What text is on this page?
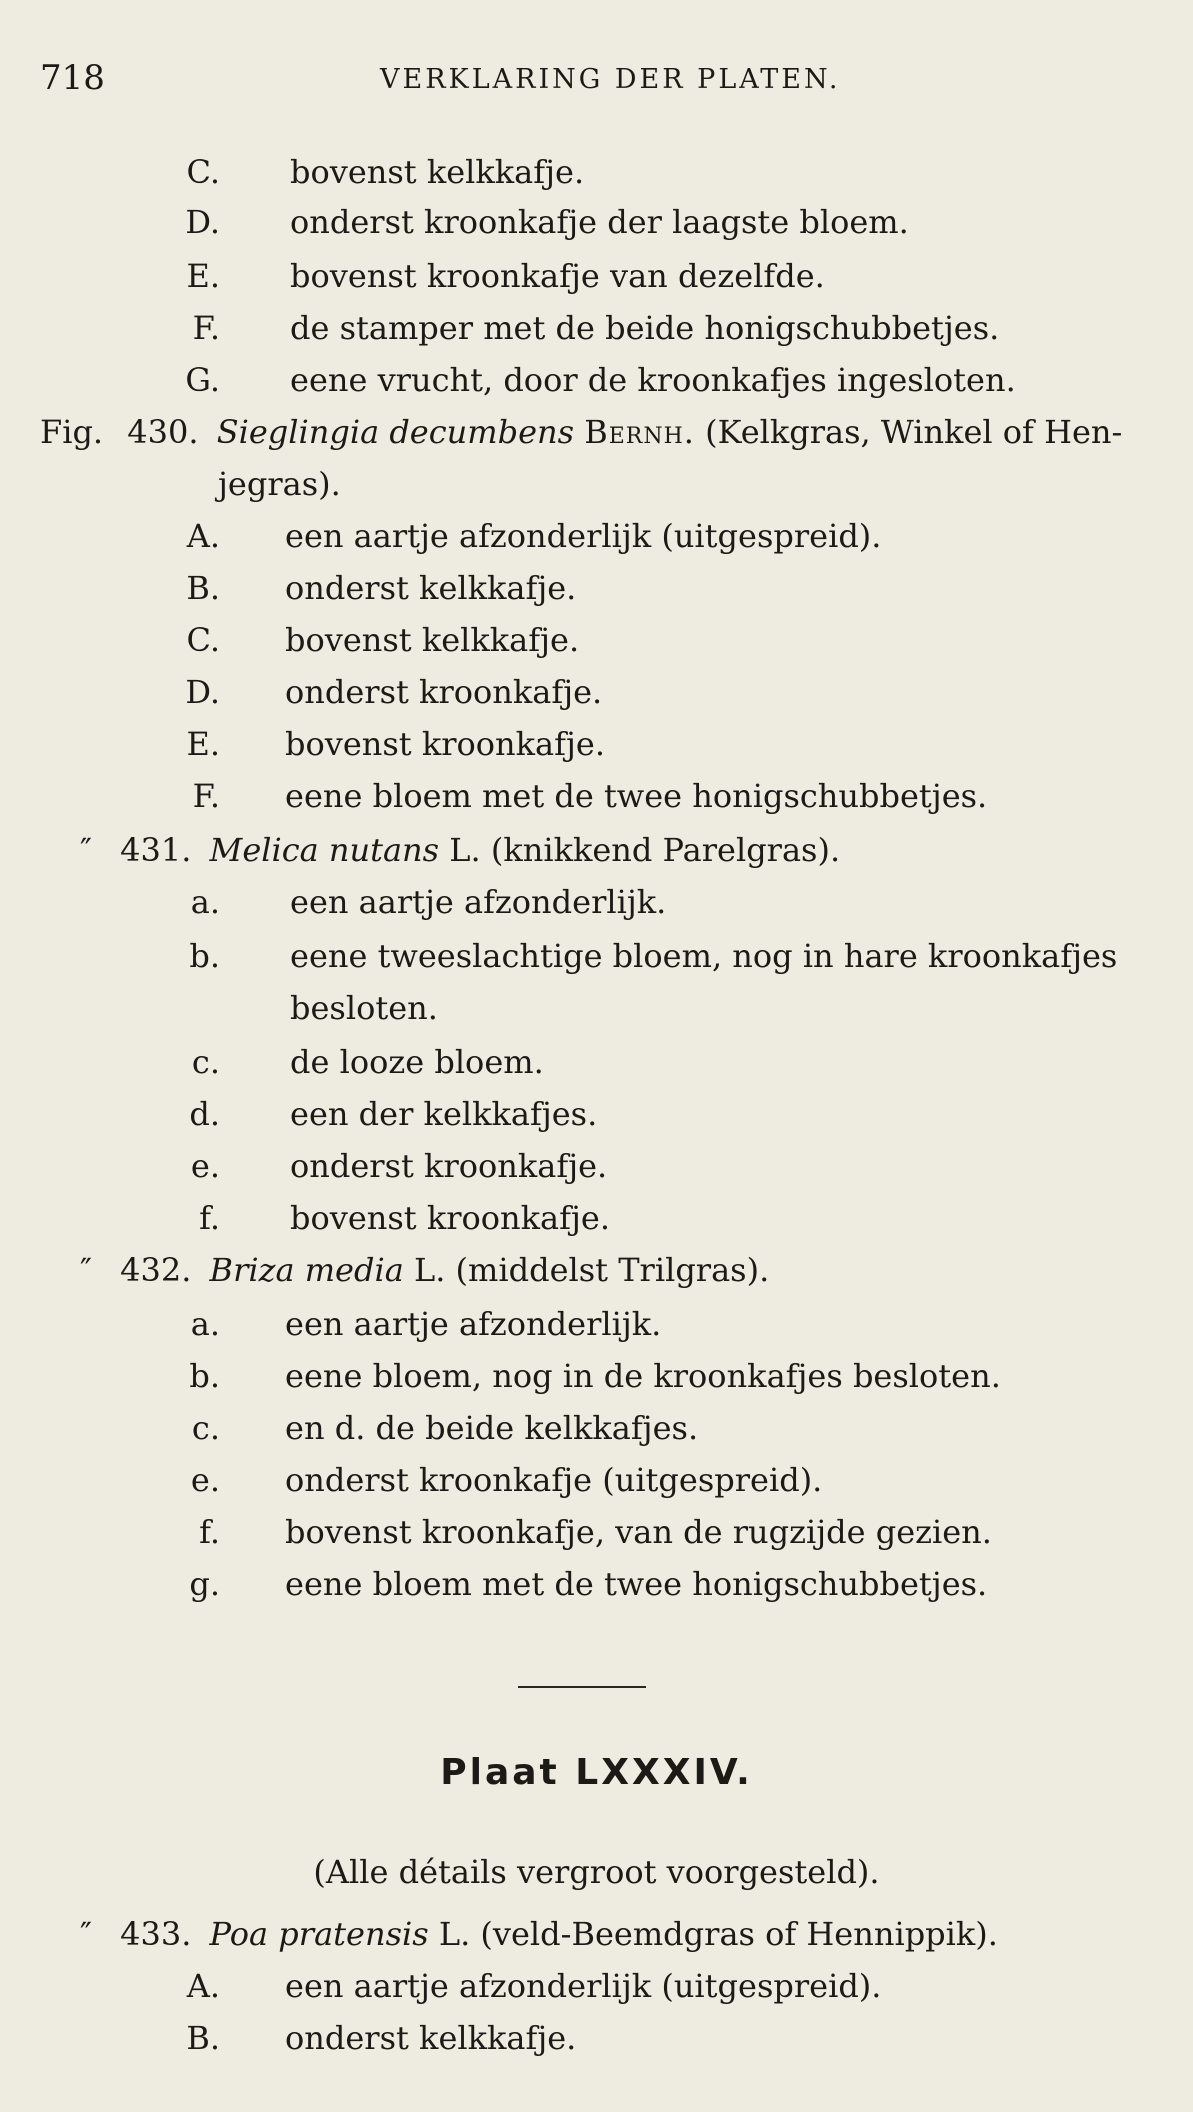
718	VERKLARING DER PLATEN.
C. bovenst kelkkafje.
D. onderst kroonkafje der laagste bloem.
E. bovenst kroonkafje van dezelfde.
F. de stamper met de beide honigschubbetjes.
G. eene vrucht, door de kroonkafjes ingesloten.
Fig. 430. Sieglingia decumbens Bernh. (Kelkgras, Winkel of Hen-
jegras).
A. een aartje afzonderlijk (uitgespreid).
B. onderst kelkkafje.
C. bovenst kelkkafje.
D. onderst kroonkafje.
E. bovenst kroonkafje.
F. eene bloem met de twee honigschubbetjes.
″ 431. Melica nutans L. (knikkend Parelgras).
a. een aartje afzonderlijk.
b. eene tweeslachtige bloem, nog in hare kroonkafjes
besloten.
c. de looze bloem.
d. een der kelkkafjes.
e. onderst kroonkafje.
f. bovenst kroonkafje.
″ 432. Briza media L. (middelst Trilgras).
a. een aartje afzonderlijk.
b. eene bloem, nog in de kroonkafjes besloten.
c. en d. de beide kelkkafjes.
e. onderst kroonkafje (uitgespreid).
f. bovenst kroonkafje, van de rugzijde gezien.
g. eene bloem met de twee honigschubbetjes.
Plaat LXXXIV.
(Alle détails vergroot voorgesteld).
″ 433. Poa pratensis L. (veld-Beemdgras of Hennippik).
A. een aartje afzonderlijk (uitgespreid).
B. onderst kelkkafje.
